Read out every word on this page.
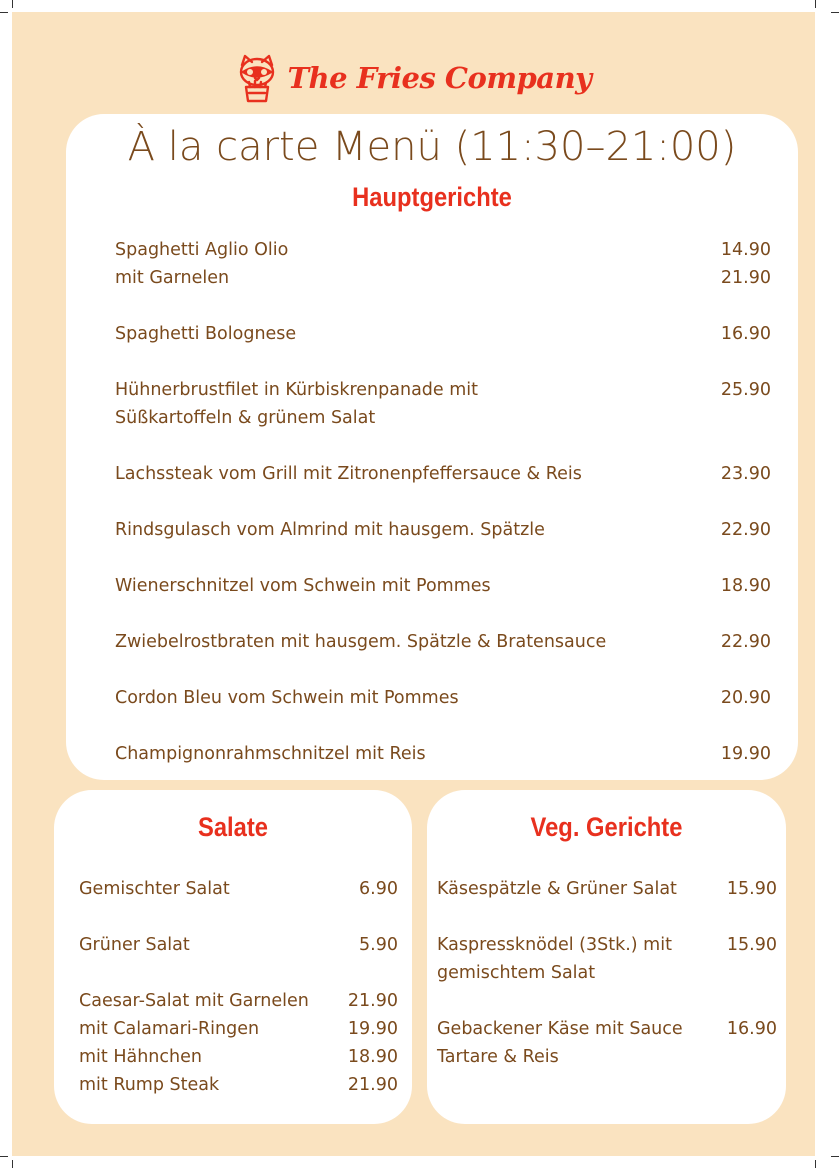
The Fries Company
À la carte Menü (11:30–21:00)
Hauptgerichte
Spaghetti Aglio Olio	14.90
mit Garnelen	21.90
Spaghetti Bolognese	16.90
Hühnerbrustfilet in Kürbiskrenpanade mit	25.90
Süßkartoffeln & grünem Salat
Lachssteak vom Grill mit Zitronenpfeffersauce & Reis	23.90
Rindsgulasch vom Almrind mit hausgem. Spätzle	22.90
Wienerschnitzel vom Schwein mit Pommes	18.90
Zwiebelrostbraten mit hausgem. Spätzle & Bratensauce	22.90
Cordon Bleu vom Schwein mit Pommes	20.90
Champignonrahmschnitzel mit Reis	19.90
Salate
Gemischter Salat	6.90
Grüner Salat	5.90
Caesar-Salat mit Garnelen 21.90
mit Calamari-Ringen	19.90
mit Hähnchen	18.90
mit Rump Steak	21.90
Veg. Gerichte
Käsespätzle & Grüner Salat	15.90
Kaspressknödel (3Stk.) mit	15.90
gemischtem Salat
Gebackener Käse mit Sauce	16.90
Tartare & Reis
